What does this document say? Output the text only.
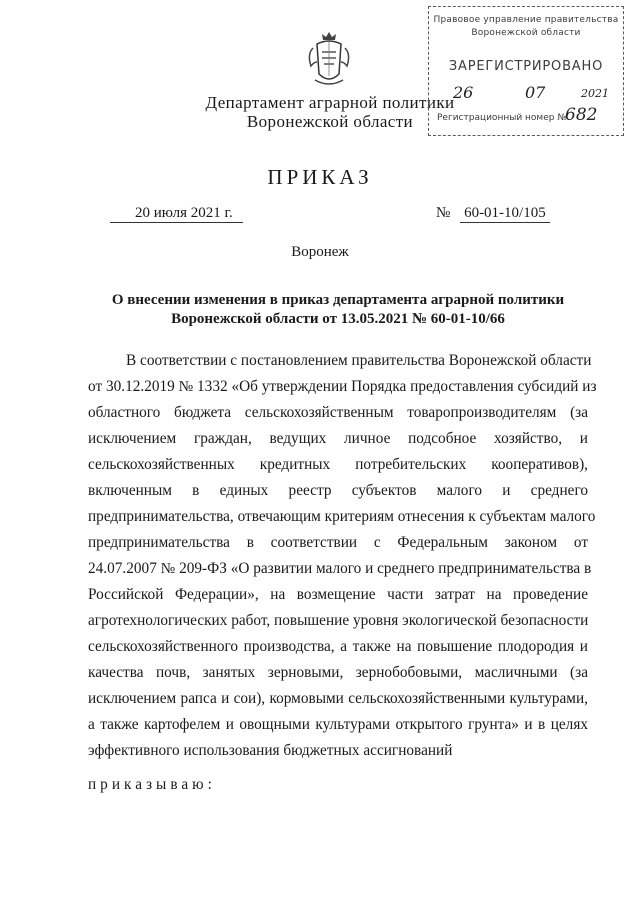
Департамент аграрной политики
Воронежской области
Правовое управление правительства
Воронежской области
ЗАРЕГИСТРИРОВАНО
26	07	2021
Регистрационный номер №
682
ПРИКАЗ
20 июля 2021 г.	№ 60-01-10/105
Воронеж
О внесении изменения в приказ департамента аграрной политики
Воронежской области от 13.05.2021 № 60-01-10/66
В соответствии с постановлением правительства Воронежской области
от 30.12.2019 № 1332 «Об утверждении Порядка предоставления субсидий из
областного бюджета сельскохозяйственным товаропроизводителям (за
исключением граждан, ведущих личное подсобное хозяйство, и
сельскохозяйственных кредитных потребительских кооперативов),
включенным в единых реестр субъектов малого и среднего
предпринимательства, отвечающим критериям отнесения к субъектам малого
предпринимательства в соответствии с Федеральным законом от
24.07.2007 № 209-ФЗ «О развитии малого и среднего предпринимательства в
Российской Федерации», на возмещение части затрат на проведение
агротехнологических работ, повышение уровня экологической безопасности
сельскохозяйственного производства, а также на повышение плодородия и
качества почв, занятых зерновыми, зернобобовыми, масличными (за
исключением рапса и сои), кормовыми сельскохозяйственными культурами,
а также картофелем и овощными культурами открытого грунта» и в целях
эффективного использования бюджетных ассигнований
приказываю:
